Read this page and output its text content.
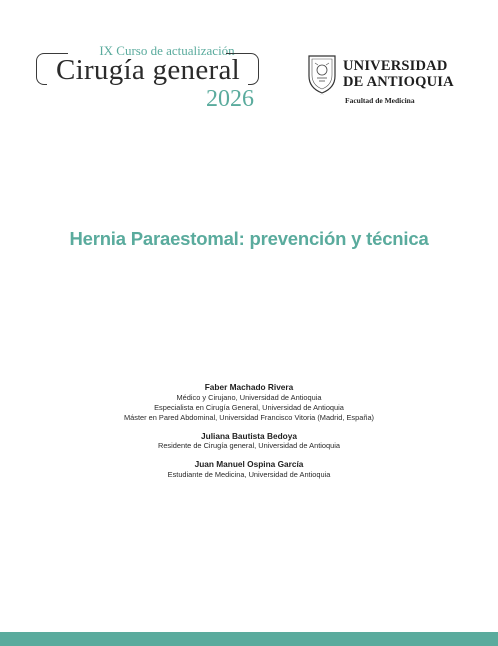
IX Curso de actualización
Cirugía general
2026	· · ·
UNIVERSIDAD
DE ANTIOQUIA
Facultad de Medicina
Hernia Paraestomal: prevención y técnica
Faber Machado Rivera
Médico y Cirujano, Universidad de Antioquia
Especialista en Cirugía General, Universidad de Antioquia
Máster en Pared Abdominal, Universidad Francisco Vitoria (Madrid, España)
Juliana Bautista Bedoya
Residente de Cirugía general, Universidad de Antioquia
Juan Manuel Ospina García
Estudiante de Medicina, Universidad de Antioquia
